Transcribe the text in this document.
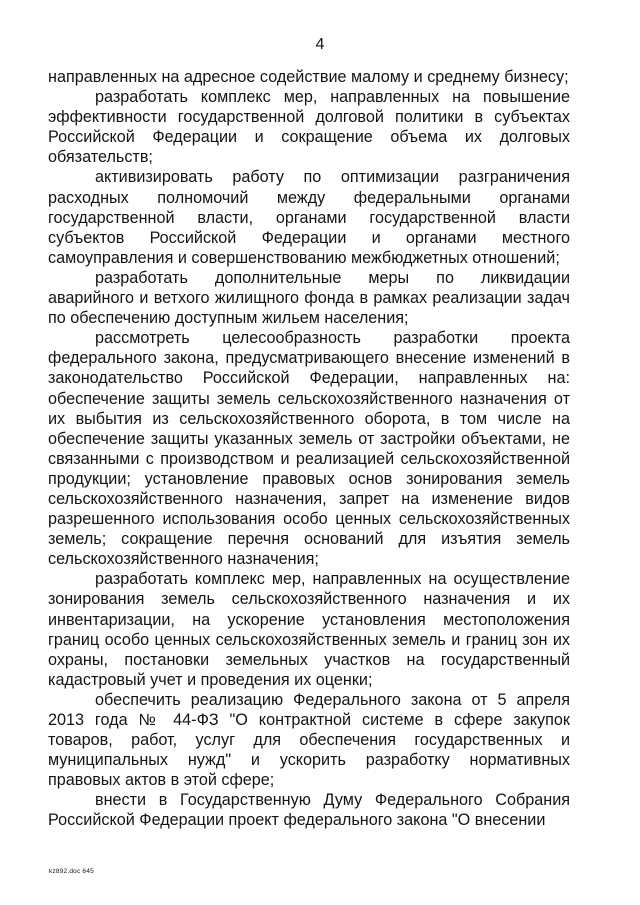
4

направленных на адресное содействие малому и среднему бизнесу;

разработать комплекс мер, направленных на повышение эффективности государственной долговой политики в субъектах Российской Федерации и сокращение объема их долговых обязательств;

активизировать работу по оптимизации разграничения расходных полномочий между федеральными органами государственной власти, органами государственной власти субъектов Российской Федерации и органами местного самоуправления и совершенствованию межбюджетных отношений;

разработать дополнительные меры по ликвидации аварийного и ветхого жилищного фонда в рамках реализации задач по обеспечению доступным жильем населения;

рассмотреть целесообразность разработки проекта федерального закона, предусматривающего внесение изменений в законодательство Российской Федерации, направленных на: обеспечение защиты земель сельскохозяйственного назначения от их выбытия из сельскохозяйственного оборота, в том числе на обеспечение защиты указанных земель от застройки объектами, не связанными с производством и реализацией сельскохозяйственной продукции; установление правовых основ зонирования земель сельскохозяйственного назначения, запрет на изменение видов разрешенного использования особо ценных сельскохозяйственных земель; сокращение перечня оснований для изъятия земель сельскохозяйственного назначения;

разработать комплекс мер, направленных на осуществление зонирования земель сельскохозяйственного назначения и их инвентаризации, на ускорение установления местоположения границ особо ценных сельскохозяйственных земель и границ зон их охраны, постановки земельных участков на государственный кадастровый учет и проведения их оценки;

обеспечить реализацию Федерального закона от 5 апреля 2013 года № 44-ФЗ "О контрактной системе в сфере закупок товаров, работ, услуг для обеспечения государственных и муниципальных нужд" и ускорить разработку нормативных правовых актов в этой сфере;

внести в Государственную Думу Федерального Собрания Российской Федерации проект федерального закона "О внесении

kz892.doc 645
